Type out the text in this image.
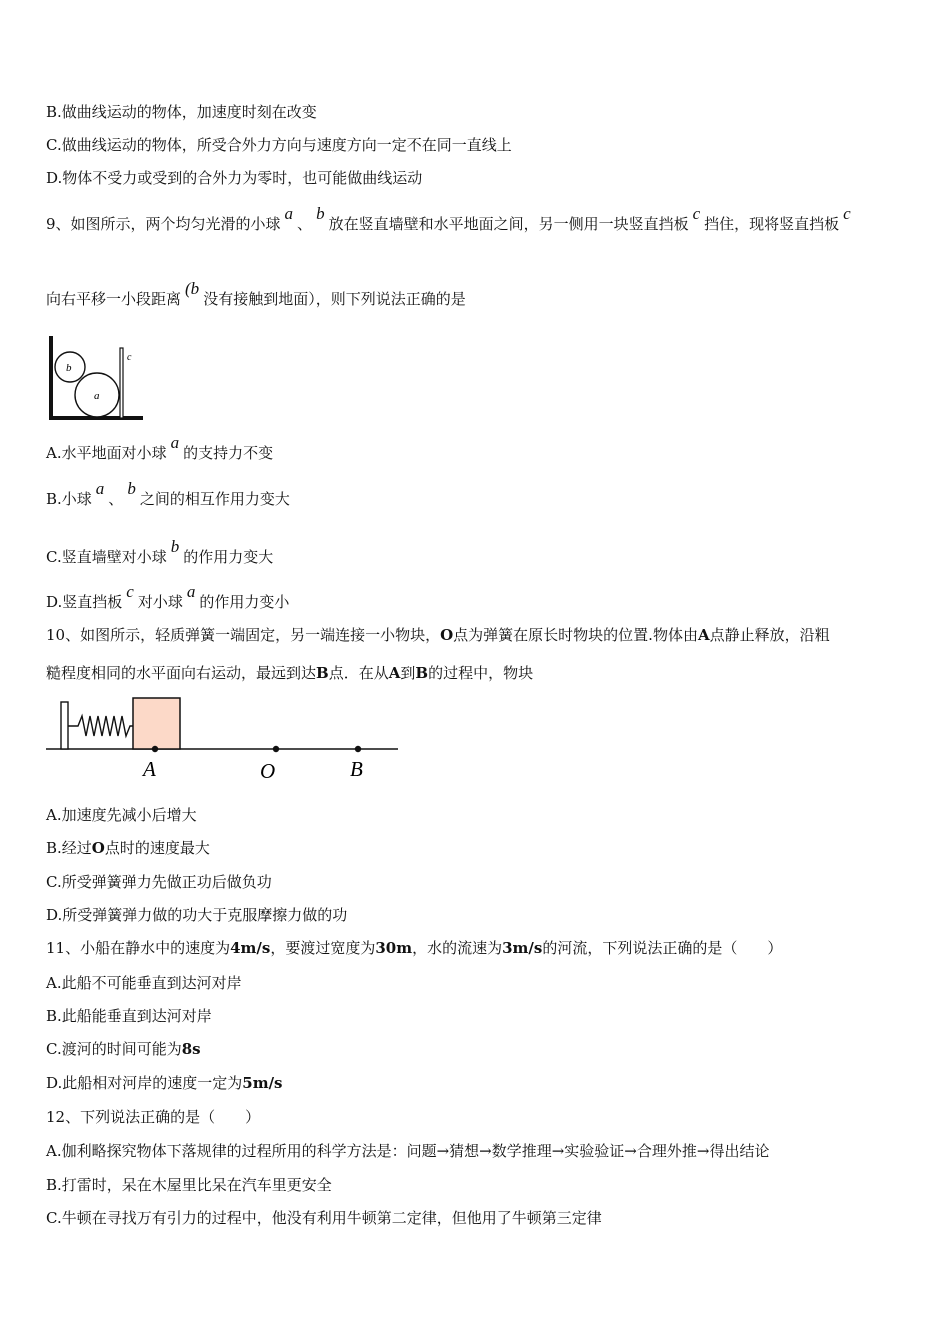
B.做曲线运动的物体，加速度时刻在改变
C.做曲线运动的物体，所受合外力方向与速度方向一定不在同一直线上
D.物体不受力或受到的合外力为零时，也可能做曲线运动
9、如图所示，两个均匀光滑的小球a、b放在竖直墙壁和水平地面之间，另一侧用一块竖直挡板c挡住，现将竖直挡板c
向右平移一小段距离(b没有接触到地面），则下列说法正确的是
b
a
c
A.水平地面对小球a的支持力不变
B.小球a、b之间的相互作用力变大
C.竖直墙壁对小球b的作用力变大
D.竖直挡板c对小球a的作用力变小
10、如图所示，轻质弹簧一端固定，另一端连接一小物块，O点为弹簧在原长时物块的位置.物体由A点静止释放，沿粗
糙程度相同的水平面向右运动，最远到达B点．在从A到B的过程中，物块
A	O	B
A.加速度先减小后增大
B.经过O点时的速度最大
C.所受弹簧弹力先做正功后做负功
D.所受弹簧弹力做的功大于克服摩擦力做的功
11、小船在静水中的速度为4m/s，要渡过宽度为30m，水的流速为3m/s的河流，下列说法正确的是（　　）
A.此船不可能垂直到达河对岸
B.此船能垂直到达河对岸
C.渡河的时间可能为8s
D.此船相对河岸的速度一定为5m/s
12、下列说法正确的是（　　）
A.伽利略探究物体下落规律的过程所用的科学方法是：问题→猜想→数学推理→实验验证→合理外推→得出结论
B.打雷时，呆在木屋里比呆在汽车里更安全
C.牛顿在寻找万有引力的过程中，他没有利用牛顿第二定律，但他用了牛顿第三定律
